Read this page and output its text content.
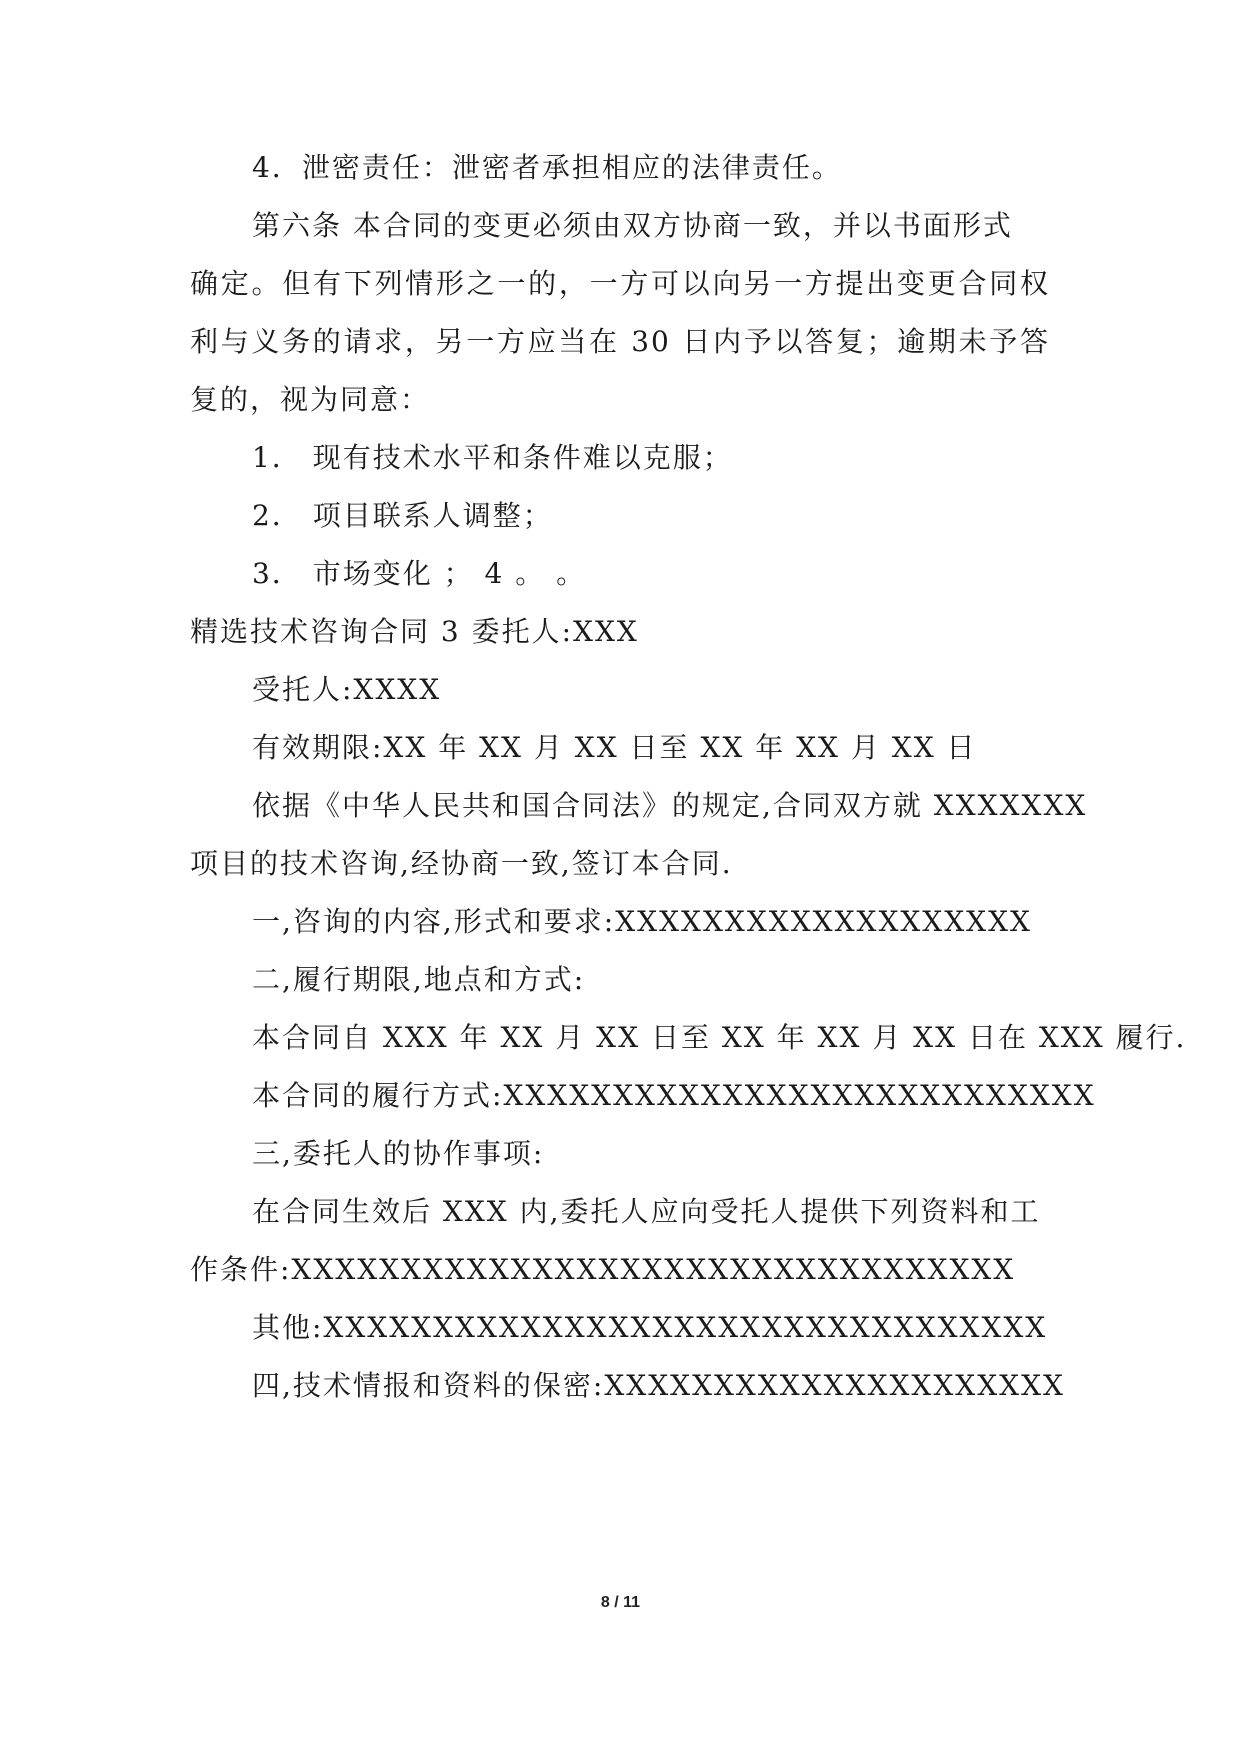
4．泄密责任：泄密者承担相应的法律责任。
第六条 本合同的变更必须由双方协商一致，并以书面形式
确定。但有下列情形之一的，一方可以向另一方提出变更合同权
利与义务的请求，另一方应当在 30 日内予以答复；逾期未予答
复的，视为同意：
1． 现有技术水平和条件难以克服；
2． 项目联系人调整；
3． 市场变化 ； 4 。 。
精选技术咨询合同 3 委托人:XXX
受托人:XXXX
有效期限:XX 年 XX 月 XX 日至 XX 年 XX 月 XX 日
依据《中华人民共和国合同法》的规定,合同双方就 XXXXXXX
项目的技术咨询,经协商一致,签订本合同.
一,咨询的内容,形式和要求:XXXXXXXXXXXXXXXXXXX
二,履行期限,地点和方式:
本合同自 XXX 年 XX 月 XX 日至 XX 年 XX 月 XX 日在 XXX 履行.
本合同的履行方式:XXXXXXXXXXXXXXXXXXXXXXXXXXX
三,委托人的协作事项:
在合同生效后 XXX 内,委托人应向受托人提供下列资料和工
作条件:XXXXXXXXXXXXXXXXXXXXXXXXXXXXXXXXX
其他:XXXXXXXXXXXXXXXXXXXXXXXXXXXXXXXXX
四,技术情报和资料的保密:XXXXXXXXXXXXXXXXXXXXX
8 / 11
